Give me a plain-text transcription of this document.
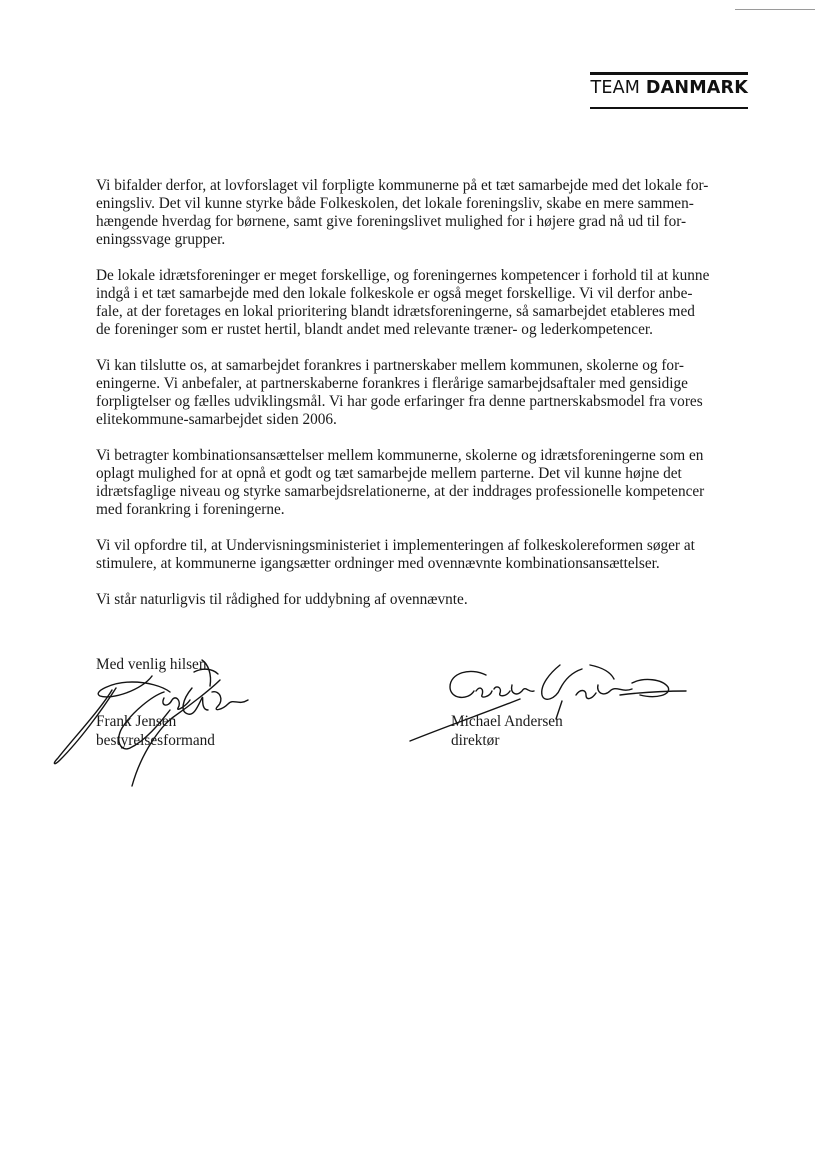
TEAM DANMARK

Vi bifalder derfor, at lovforslaget vil forpligte kommunerne på et tæt samarbejde med det lokale for-
eningsliv. Det vil kunne styrke både Folkeskolen, det lokale foreningsliv, skabe en mere sammen-
hængende hverdag for børnene, samt give foreningslivet mulighed for i højere grad nå ud til for-
eningssvage grupper.

De lokale idrætsforeninger er meget forskellige, og foreningernes kompetencer i forhold til at kunne
indgå i et tæt samarbejde med den lokale folkeskole er også meget forskellige. Vi vil derfor anbe-
fale, at der foretages en lokal prioritering blandt idrætsforeningerne, så samarbejdet etableres med
de foreninger som er rustet hertil, blandt andet med relevante træner- og lederkompetencer.

Vi kan tilslutte os, at samarbejdet forankres i partnerskaber mellem kommunen, skolerne og for-
eningerne. Vi anbefaler, at partnerskaberne forankres i flerårige samarbejdsaftaler med gensidige
forpligtelser og fælles udviklingsmål. Vi har gode erfaringer fra denne partnerskabsmodel fra vores
elitekommune-samarbejdet siden 2006.

Vi betragter kombinationsansættelser mellem kommunerne, skolerne og idrætsforeningerne som en
oplagt mulighed for at opnå et godt og tæt samarbejde mellem parterne. Det vil kunne højne det
idrætsfaglige niveau og styrke samarbejdsrelationerne, at der inddrages professionelle kompetencer
med forankring i foreningerne.

Vi vil opfordre til, at Undervisningsministeriet i implementeringen af folkeskolereformen søger at
stimulere, at kommunerne igangsætter ordninger med ovennævnte kombinationsansættelser.

Vi står naturligvis til rådighed for uddybning af ovennævnte.

Med venlig hilsen
Frank Jensen
bestyrelsesformand
Michael Andersen
direktør
